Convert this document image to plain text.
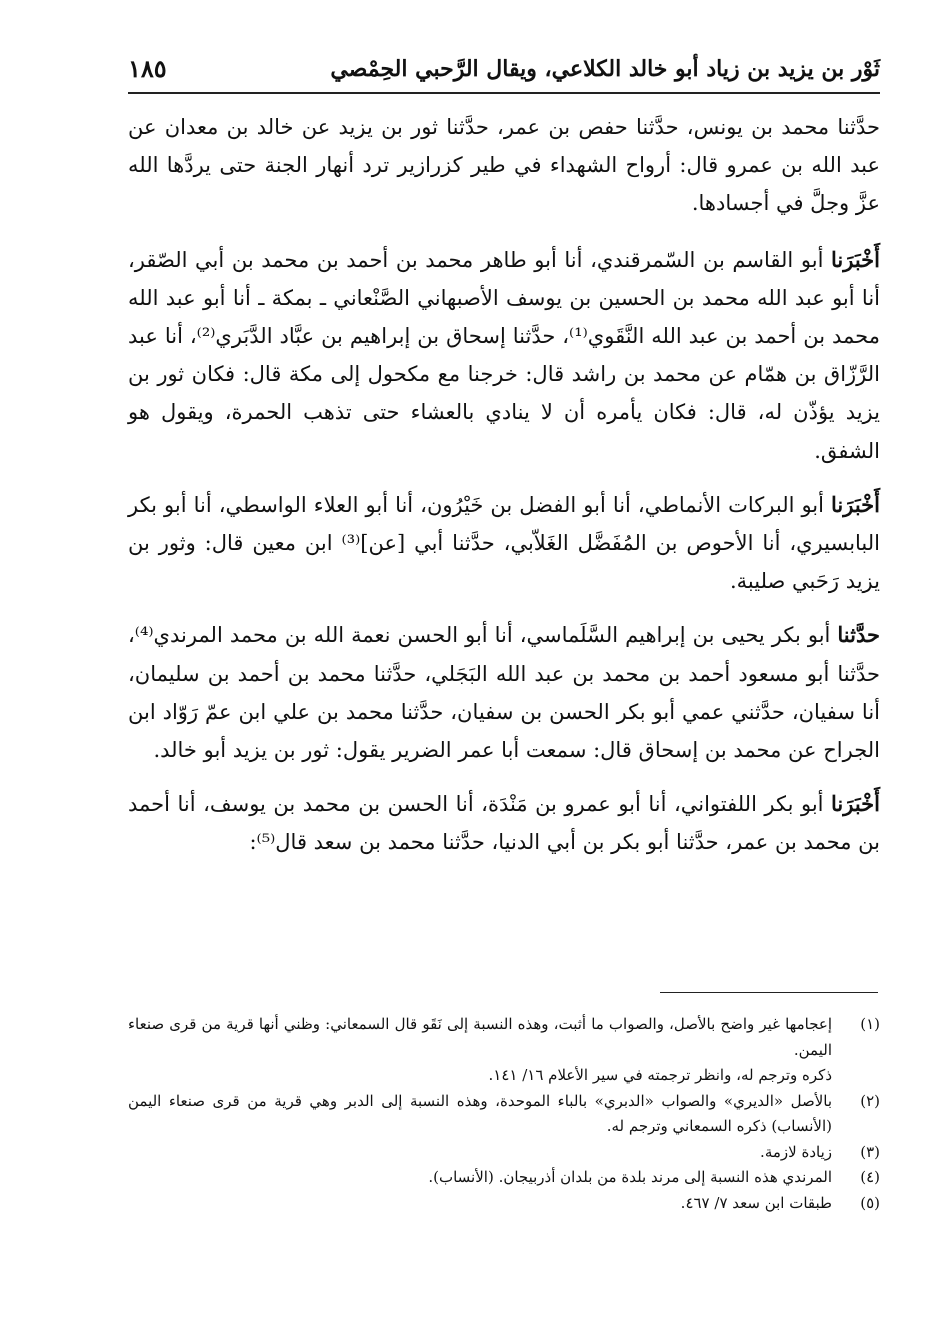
ثَوْر بن يزيد بن زياد أبو خالد الكلاعي، ويقال الرَّحبي الحِمْصي
١٨٥

حدَّثنا محمد بن يونس، حدَّثنا حفص بن عمر، حدَّثنا ثور بن يزيد عن خالد بن معدان عن عبد الله بن عمرو قال: أرواح الشهداء في طير كزرازير ترد أنهار الجنة حتى يردَّها الله عزَّ وجلَّ في أجسادها.

أَخْبَرَنا أبو القاسم بن السّمرقندي، أنا أبو طاهر محمد بن أحمد بن محمد بن أبي الصّقر، أنا أبو عبد الله محمد بن الحسين بن يوسف الأصبهاني الصَّنْعاني ـ بمكة ـ أنا أبو عبد الله محمد بن أحمد بن عبد الله النَّقَوي⁽¹⁾، حدَّثنا إسحاق بن إبراهيم بن عبَّاد الدَّبَري⁽²⁾، أنا عبد الرَّزّاق بن همّام عن محمد بن راشد قال: خرجنا مع مكحول إلى مكة قال: فكان ثور بن يزيد يؤذّن له، قال: فكان يأمره أن لا ينادي بالعشاء حتى تذهب الحمرة، ويقول هو الشفق.

أَخْبَرَنا أبو البركات الأنماطي، أنا أبو الفضل بن خَيْرُون، أنا أبو العلاء الواسطي، أنا أبو بكر البابسيري، أنا الأحوص بن المُفَضَّل الغَلاّبي، حدَّثنا أبي [عن]⁽³⁾ ابن معين قال: وثور بن يزيد رَحَبي صليبة.

حدَّثنا أبو بكر يحيى بن إبراهيم السَّلَماسي، أنا أبو الحسن نعمة الله بن محمد المرندي⁽⁴⁾، حدَّثنا أبو مسعود أحمد بن محمد بن عبد الله البَجَلي، حدَّثنا محمد بن أحمد بن سليمان، أنا سفيان، حدَّثني عمي أبو بكر الحسن بن سفيان، حدَّثنا محمد بن علي ابن عمّ رَوّاد ابن الجراح عن محمد بن إسحاق قال: سمعت أبا عمر الضرير يقول: ثور بن يزيد أبو خالد.

أَخْبَرَنا أبو بكر اللفتواني، أنا أبو عمرو بن مَنْدَة، أنا الحسن بن محمد بن يوسف، أنا أحمد بن محمد بن عمر، حدَّثنا أبو بكر بن أبي الدنيا، حدَّثنا محمد بن سعد قال⁽⁵⁾:

(١)
إعجامها غير واضح بالأصل، والصواب ما أثبت، وهذه النسبة إلى نَقَو قال السمعاني: وظني أنها قرية من قرى صنعاء اليمن.
ذكره وترجم له، وانظر ترجمته في سير الأعلام ١٦/ ١٤١.
(٢)
بالأصل «الديري» والصواب «الدبري» بالباء الموحدة، وهذه النسبة إلى الدبر وهي قرية من قرى صنعاء اليمن (الأنساب) ذكره السمعاني وترجم له.
(٣)
زيادة لازمة.
(٤)
المرندي هذه النسبة إلى مرند بلدة من بلدان أذربيجان. (الأنساب).
(٥)
طبقات ابن سعد ٧/ ٤٦٧.
